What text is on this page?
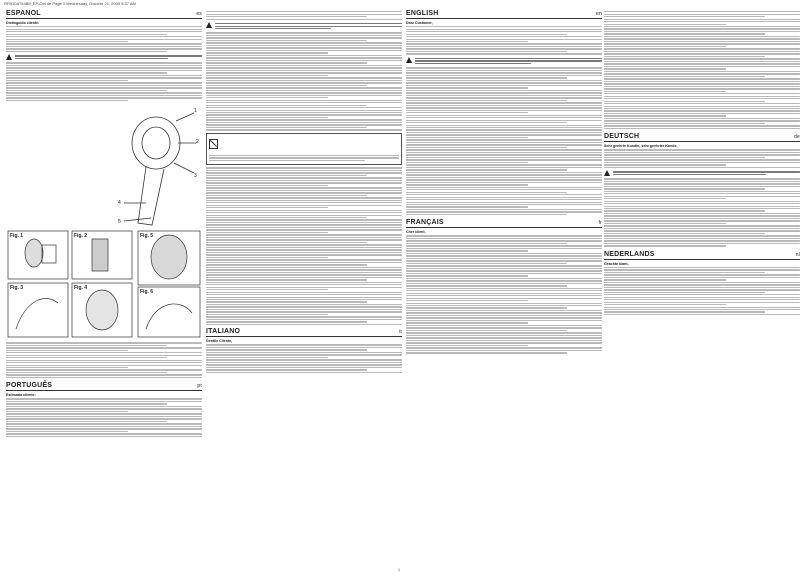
RFB10AT54B9_EP-Oct 4e Page 1 Wednesday, October 21, 2009 5:37 AM
ESPAÑOL	es
Distinguido cliente:
1
2
3
4
5
Fig. 1	Fig. 2
Fig. 3	Fig. 4
Fig. 5
Fig. 6
PORTUGUÊS	pt
Estimado cliente:
ITALIANO	it
Gentile Cliente,
ENGLISH	en
Dear Customer,
FRANÇAIS	fr
Cher client,
DEUTSCH	de
Sehr geehrte Kundin, sehr geehrter Kunde,
NEDERLANDS	nl
Geachte klant,
1
